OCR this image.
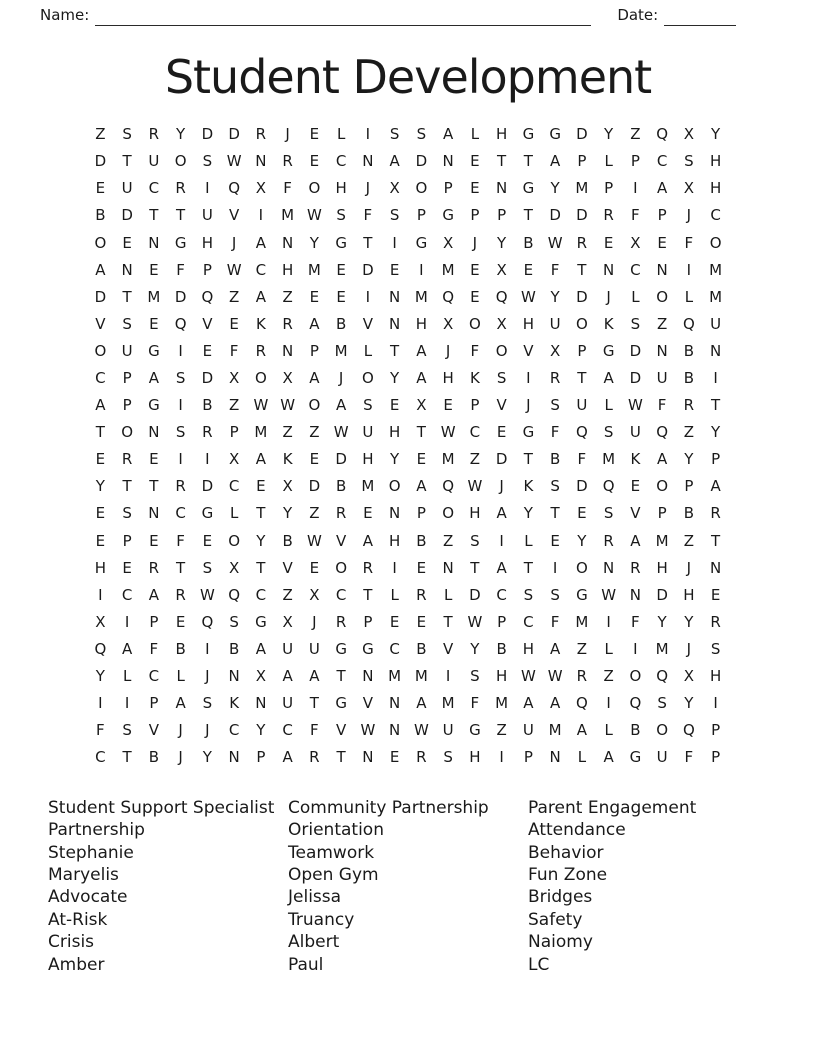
Name:	Date:
Student Development
Z	S	R	Y	D	D	R	J	E	L	I	S	S	A	L	H	G	G	D	Y	Z	Q	X	Y
D	T	U	O	S W N	R	E	C	N	A	D	N	E	T	T	A	P	L	P	C	S	H
E	U	C	R	I	Q	X	F	O	H	J	X	O	P	E	N	G	Y	M	P	I	A	X	H
B	D	T	T	U	V	I	M W S	F	S	P	G	P	P	T	D	D	R	F	P	J	C
O	E	N	G	H	J	A	N	Y	G	T	I	G	X	J	Y	B W R	E	X	E	F	O
A	N	E	F	P W C	H M	E	D	E	I	M	E	X	E	F	T	N	C	N	I	M
D	T	M D	Q	Z	A	Z	E	E	I	N M Q	E	Q W Y	D	J	L	O	L	M
V	S	E	Q	V	E	K	R	A	B	V	N	H	X	O	X	H	U	O	K	S	Z	Q	U
O	U	G	I	E	F	R	N	P	M	L	T	A	J	F	O	V	X	P	G	D	N	B	N
C	P	A	S	D	X	O	X	A	J	O	Y	A	H	K	S	I	R	T	A	D	U	B	I
A	P	G	I	B	Z W W O	A	S	E	X	E	P	V	J	S	U	L	W	F	R	T
T	O	N	S	R	P	M	Z	Z W U	H	T W C	E	G	F	Q	S	U	Q	Z	Y
E	R	E	I	I	X	A	K	E	D	H	Y	E	M	Z	D	T	B	F	M	K	A	Y	P
Y	T	T	R	D	C	E	X	D	B	M O	A	Q W	J	K	S	D	Q	E	O	P	A
E	S	N	C	G	L	T	Y	Z	R	E	N	P	O	H	A	Y	T	E	S	V	P	B	R
E	P	E	F	E	O	Y	B W V	A	H	B	Z	S	I	L	E	Y	R	A	M	Z	T
H	E	R	T	S	X	T	V	E	O	R	I	E	N	T	A	T	I	O	N	R	H	J	N
I	C	A	R W Q	C	Z	X	C	T	L	R	L	D	C	S	S	G W N	D	H	E
X	I	P	E	Q	S	G	X	J	R	P	E	E	T W P	C	F	M	I	F	Y	Y	R
Q	A	F	B	I	B	A	U	U	G	G	C	B	V	Y	B	H	A	Z	L	I	M	J	S
Y	L	C	L	J	N	X	A	A	T	N M M	I	S	H W W R	Z	O Q	X	H
I	I	P	A	S	K	N	U	T	G	V	N	A	M	F	M	A	A	Q	I	Q	S	Y	I
F	S	V	J	J	C	Y	C	F	V W N W U	G	Z	U M	A	L	B	O Q	P
C	T	B	J	Y	N	P	A	R	T	N	E	R	S	H	I	P	N	L	A	G	U	F	P
Student Support Specialist
Partnership
Stephanie
Maryelis
Advocate
At-Risk
Crisis
Amber
Community Partnership
Orientation
Teamwork
Open Gym
Jelissa
Truancy
Albert
Paul
Parent Engagement
Attendance
Behavior
Fun Zone
Bridges
Safety
Naiomy
LC
